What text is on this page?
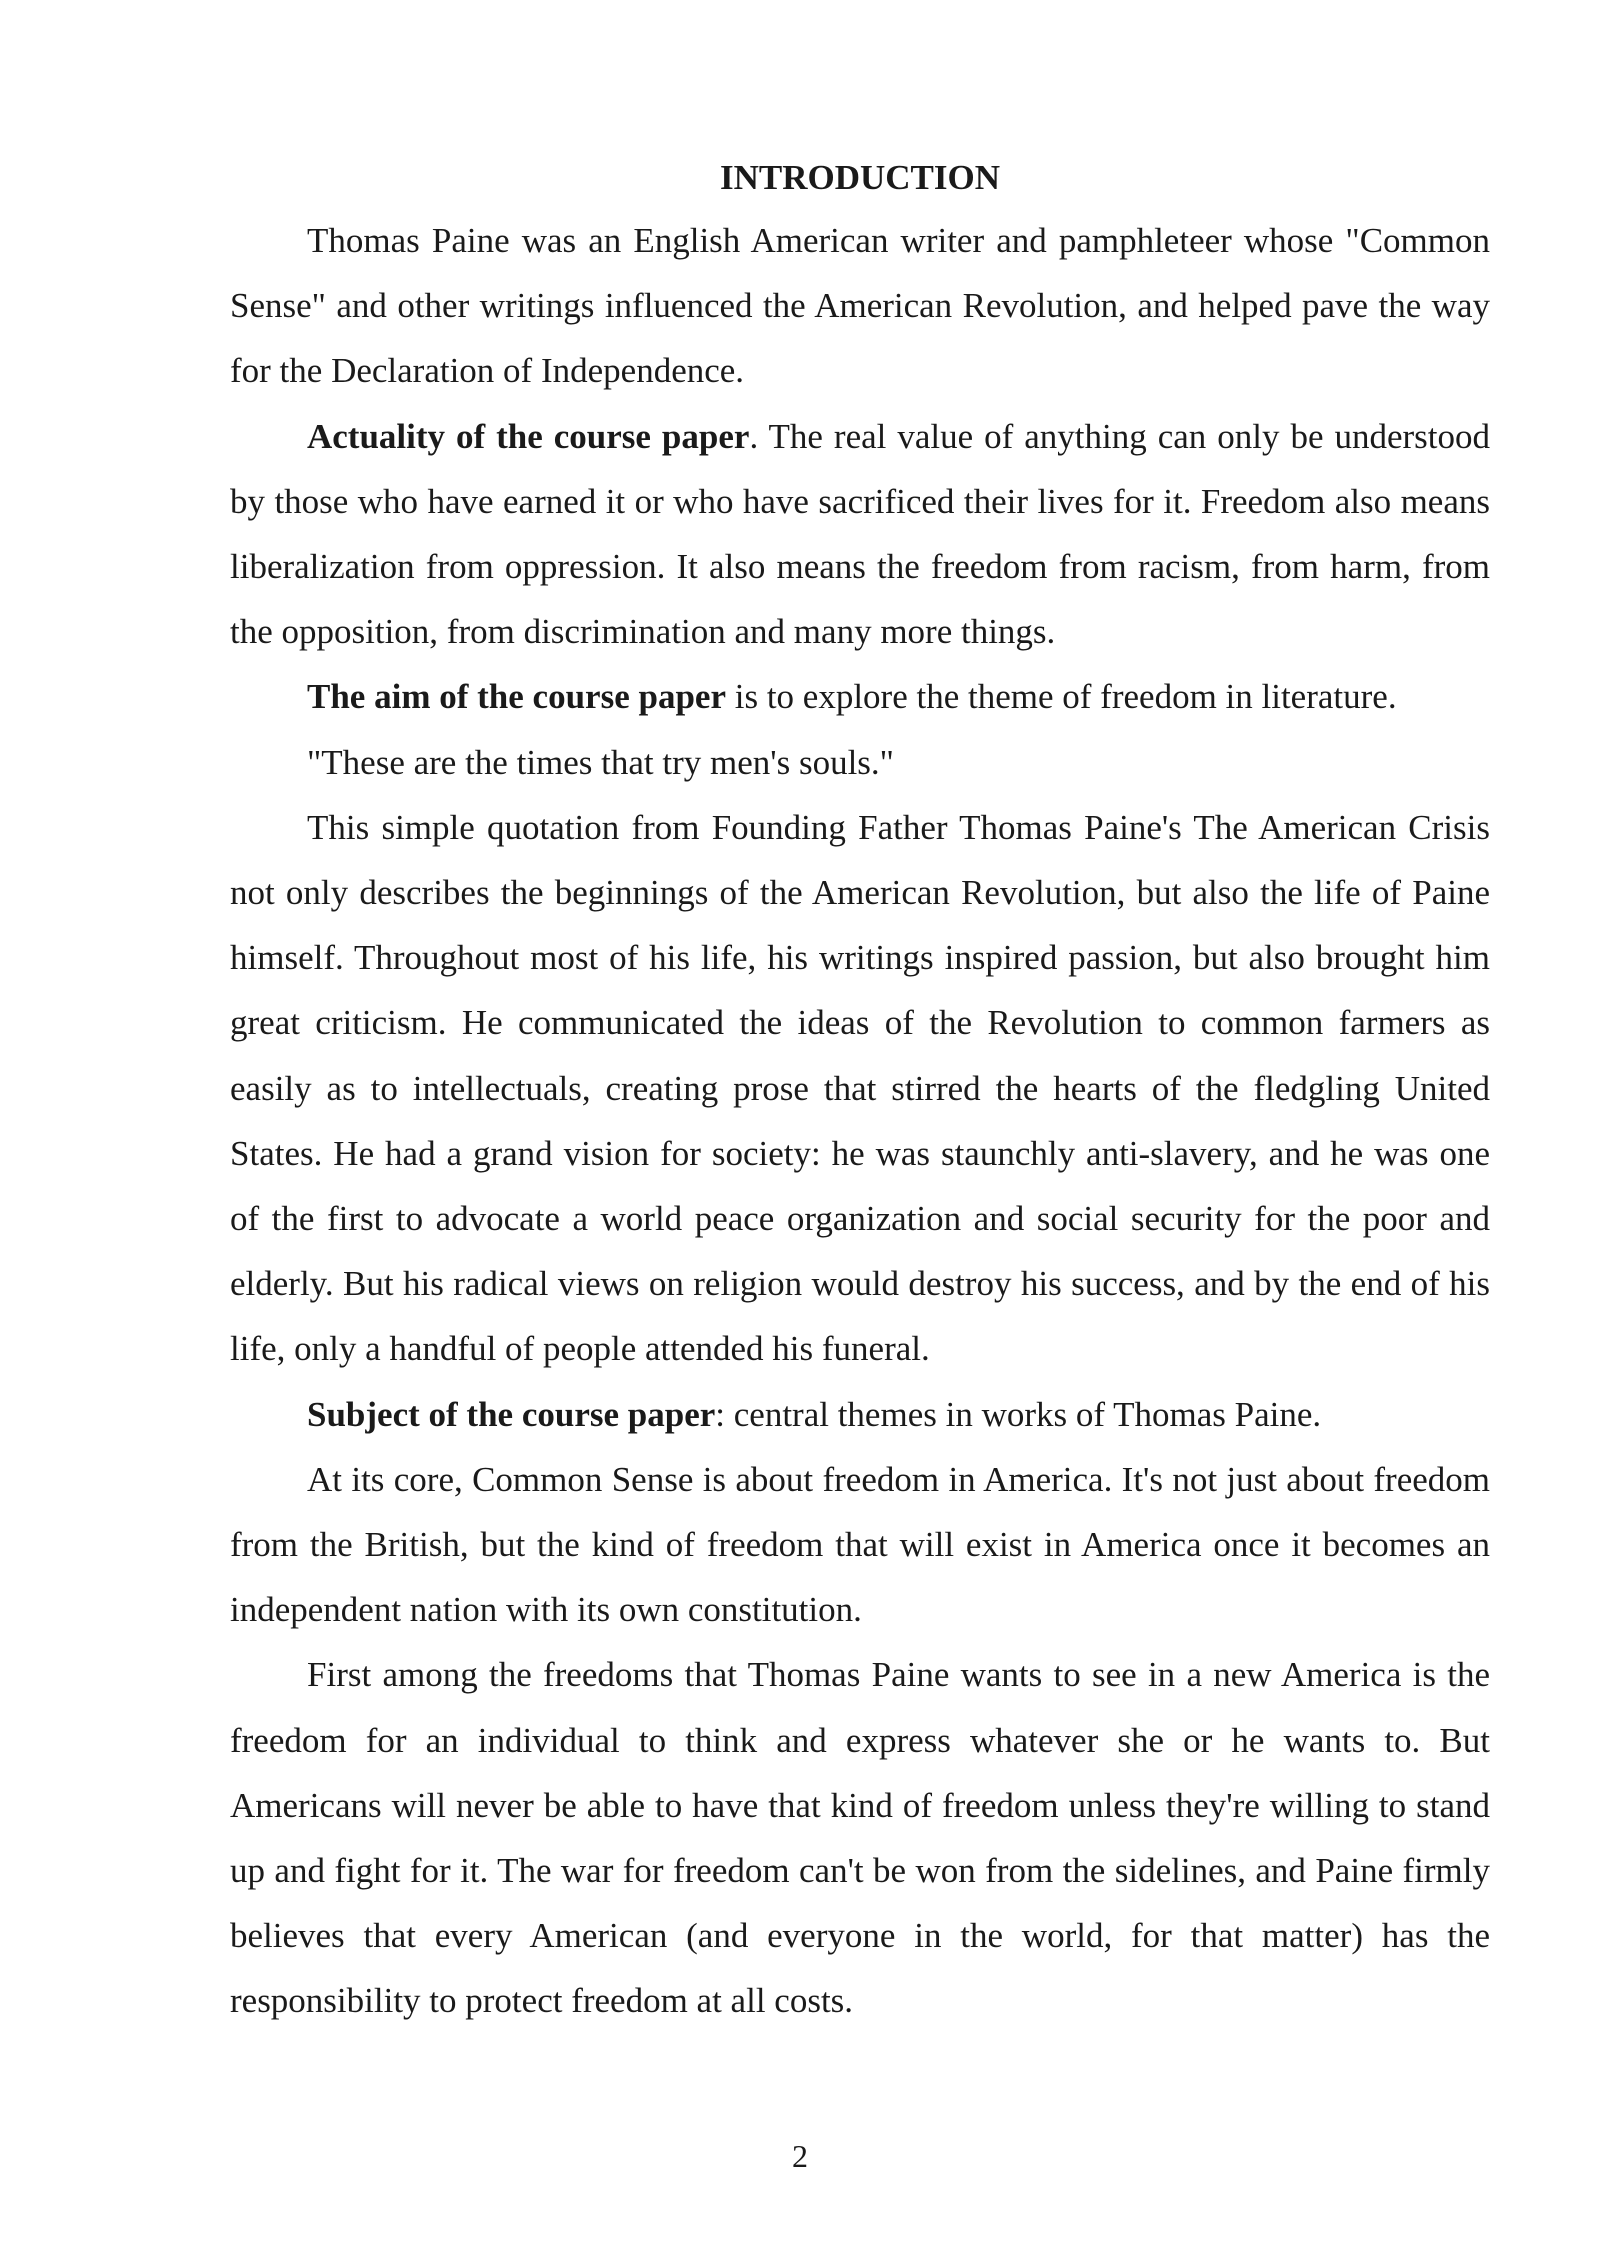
INTRODUCTION

Thomas Paine was an English American writer and pamphleteer whose "Common Sense" and other writings influenced the American Revolution, and helped pave the way for the Declaration of Independence.

Actuality of the course paper. The real value of anything can only be understood by those who have earned it or who have sacrificed their lives for it. Freedom also means liberalization from oppression. It also means the freedom from racism, from harm, from the opposition, from discrimination and many more things.

The aim of the course paper is to explore the theme of freedom in literature.

"These are the times that try men's souls."

This simple quotation from Founding Father Thomas Paine's The American Crisis not only describes the beginnings of the American Revolution, but also the life of Paine himself. Throughout most of his life, his writings inspired passion, but also brought him great criticism. He communicated the ideas of the Revolution to common farmers as easily as to intellectuals, creating prose that stirred the hearts of the fledgling United States. He had a grand vision for society: he was staunchly anti-slavery, and he was one of the first to advocate a world peace organization and social security for the poor and elderly. But his radical views on religion would destroy his success, and by the end of his life, only a handful of people attended his funeral.

Subject of the course paper: central themes in works of Thomas Paine.

At its core, Common Sense is about freedom in America. It's not just about freedom from the British, but the kind of freedom that will exist in America once it becomes an independent nation with its own constitution.

First among the freedoms that Thomas Paine wants to see in a new America is the freedom for an individual to think and express whatever she or he wants to. But Americans will never be able to have that kind of freedom unless they're willing to stand up and fight for it. The war for freedom can't be won from the sidelines, and Paine firmly believes that every American (and everyone in the world, for that matter) has the responsibility to protect freedom at all costs.

2
